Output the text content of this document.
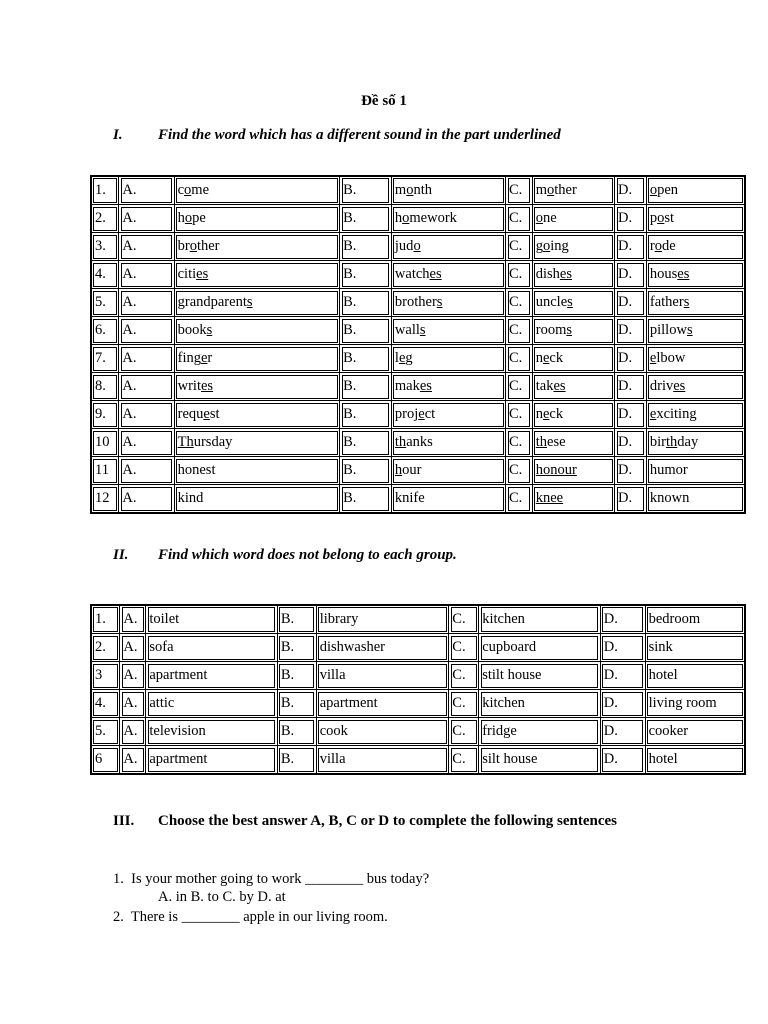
Đề số 1
I. Find the word which has a different sound in the part underlined
1.	A.	come	B.	month	C.	mother	D.	open
2.	A.	hope	B.	homework	C.	one	D.	post
3.	A.	brother	B.	judo	C.	going	D.	rode
4.	A.	cities	B.	watches	C.	dishes	D.	houses
5.	A.	grandparents	B.	brothers	C.	uncles	D.	fathers
6.	A.	books	B.	walls	C.	rooms	D.	pillows
7.	A.	finger	B.	leg	C.	neck	D.	elbow
8.	A.	writes	B.	makes	C.	takes	D.	drives
9.	A.	request	B.	project	C.	neck	D.	exciting
10	A.	Thursday	B.	thanks	C.	these	D.	birthday
11	A.	honest	B.	hour	C.	honour	D.	humor
12	A.	kind	B.	knife	C.	knee	D.	known
II. Find which word does not belong to each group.
1.	A.	toilet	B.	library	C.	kitchen	D.	bedroom
2.	A.	sofa	B.	dishwasher	C.	cupboard	D.	sink
3	A.	apartment	B.	villa	C.	stilt house	D.	hotel
4.	A.	attic	B.	apartment	C.	kitchen	D.	living room
5.	A.	television	B.	cook	C.	fridge	D.	cooker
6	A.	apartment	B.	villa	C.	silt house	D.	hotel
III. Choose the best answer A, B, C or D to complete the following sentences
1. Is your mother going to work ________ bus today?
A. in B. to C. by D. at
2. There is ________ apple in our living room.
